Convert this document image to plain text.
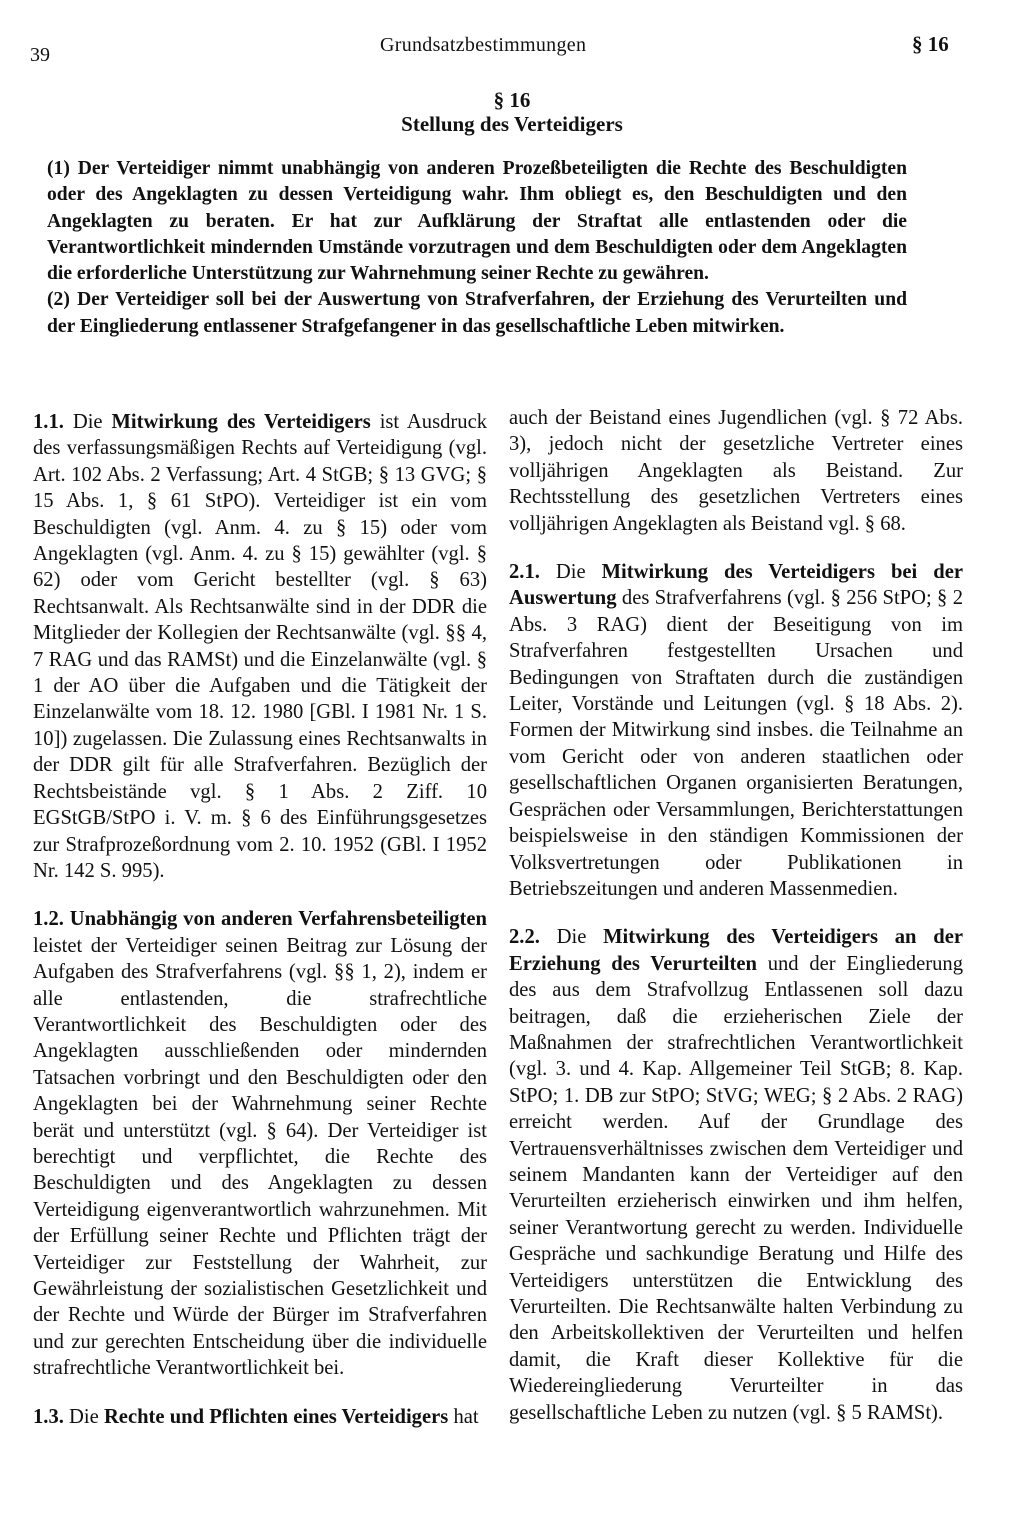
39	Grundsatzbestimmungen	§ 16
§ 16
Stellung des Verteidigers

(1) Der Verteidiger nimmt unabhängig von anderen Prozeßbeteiligten die Rechte des Beschuldigten oder des Angeklagten zu dessen Verteidigung wahr. Ihm obliegt es, den Beschuldigten und den Angeklagten zu beraten. Er hat zur Aufklärung der Straftat alle entlastenden oder die Verantwortlichkeit mindernden Umstände vorzutragen und dem Beschuldigten oder dem Angeklagten die erforderliche Unterstützung zur Wahrnehmung seiner Rechte zu gewähren.

(2) Der Verteidiger soll bei der Auswertung von Strafverfahren, der Erziehung des Verurteilten und der Eingliederung entlassener Strafgefangener in das gesellschaftliche Leben mitwirken.

1.1. Die Mitwirkung des Verteidigers ist Ausdruck des verfassungsmäßigen Rechts auf Verteidigung (vgl. Art. 102 Abs. 2 Verfassung; Art. 4 StGB; § 13 GVG; § 15 Abs. 1, § 61 StPO). Verteidiger ist ein vom Beschuldigten (vgl. Anm. 4. zu § 15) oder vom Angeklagten (vgl. Anm. 4. zu § 15) gewählter (vgl. § 62) oder vom Gericht bestellter (vgl. § 63) Rechtsanwalt. Als Rechtsanwälte sind in der DDR die Mitglieder der Kollegien der Rechtsanwälte (vgl. §§ 4, 7 RAG und das RAMSt) und die Einzelanwälte (vgl. § 1 der AO über die Aufgaben und die Tätigkeit der Einzelanwälte vom 18. 12. 1980 [GBl. I 1981 Nr. 1 S. 10]) zugelassen. Die Zulassung eines Rechtsanwalts in der DDR gilt für alle Strafverfahren. Bezüglich der Rechtsbeistände vgl. § 1 Abs. 2 Ziff. 10 EGStGB/StPO i. V. m. § 6 des Einführungsgesetzes zur Strafprozeßordnung vom 2. 10. 1952 (GBl. I 1952 Nr. 142 S. 995).

1.2. Unabhängig von anderen Verfahrensbeteiligten leistet der Verteidiger seinen Beitrag zur Lösung der Aufgaben des Strafverfahrens (vgl. §§ 1, 2), indem er alle entlastenden, die strafrechtliche Verantwortlichkeit des Beschuldigten oder des Angeklagten ausschließenden oder mindernden Tatsachen vorbringt und den Beschuldigten oder den Angeklagten bei der Wahrnehmung seiner Rechte berät und unterstützt (vgl. § 64). Der Verteidiger ist berechtigt und verpflichtet, die Rechte des Beschuldigten und des Angeklagten zu dessen Verteidigung eigenverantwortlich wahrzunehmen. Mit der Erfüllung seiner Rechte und Pflichten trägt der Verteidiger zur Feststellung der Wahrheit, zur Gewährleistung der sozialistischen Gesetzlichkeit und der Rechte und Würde der Bürger im Strafverfahren und zur gerechten Entscheidung über die individuelle strafrechtliche Verantwortlichkeit bei.

1.3. Die Rechte und Pflichten eines Verteidigers hat

auch der Beistand eines Jugendlichen (vgl. § 72 Abs. 3), jedoch nicht der gesetzliche Vertreter eines volljährigen Angeklagten als Beistand. Zur Rechtsstellung des gesetzlichen Vertreters eines volljährigen Angeklagten als Beistand vgl. § 68.

2.1. Die Mitwirkung des Verteidigers bei der Auswertung des Strafverfahrens (vgl. § 256 StPO; § 2 Abs. 3 RAG) dient der Beseitigung von im Strafverfahren festgestellten Ursachen und Bedingungen von Straftaten durch die zuständigen Leiter, Vorstände und Leitungen (vgl. § 18 Abs. 2). Formen der Mitwirkung sind insbes. die Teilnahme an vom Gericht oder von anderen staatlichen oder gesellschaftlichen Organen organisierten Beratungen, Gesprächen oder Versammlungen, Berichterstattungen beispielsweise in den ständigen Kommissionen der Volksvertretungen oder Publikationen in Betriebszeitungen und anderen Massenmedien.

2.2. Die Mitwirkung des Verteidigers an der Erziehung des Verurteilten und der Eingliederung des aus dem Strafvollzug Entlassenen soll dazu beitragen, daß die erzieherischen Ziele der Maßnahmen der strafrechtlichen Verantwortlichkeit (vgl. 3. und 4. Kap. Allgemeiner Teil StGB; 8. Kap. StPO; 1. DB zur StPO; StVG; WEG; § 2 Abs. 2 RAG) erreicht werden. Auf der Grundlage des Vertrauensverhältnisses zwischen dem Verteidiger und seinem Mandanten kann der Verteidiger auf den Verurteilten erzieherisch einwirken und ihm helfen, seiner Verantwortung gerecht zu werden. Individuelle Gespräche und sachkundige Beratung und Hilfe des Verteidigers unterstützen die Entwicklung des Verurteilten. Die Rechtsanwälte halten Verbindung zu den Arbeitskollektiven der Verurteilten und helfen damit, die Kraft dieser Kollektive für die Wiedereingliederung Verurteilter in das gesellschaftliche Leben zu nutzen (vgl. § 5 RAMSt).
